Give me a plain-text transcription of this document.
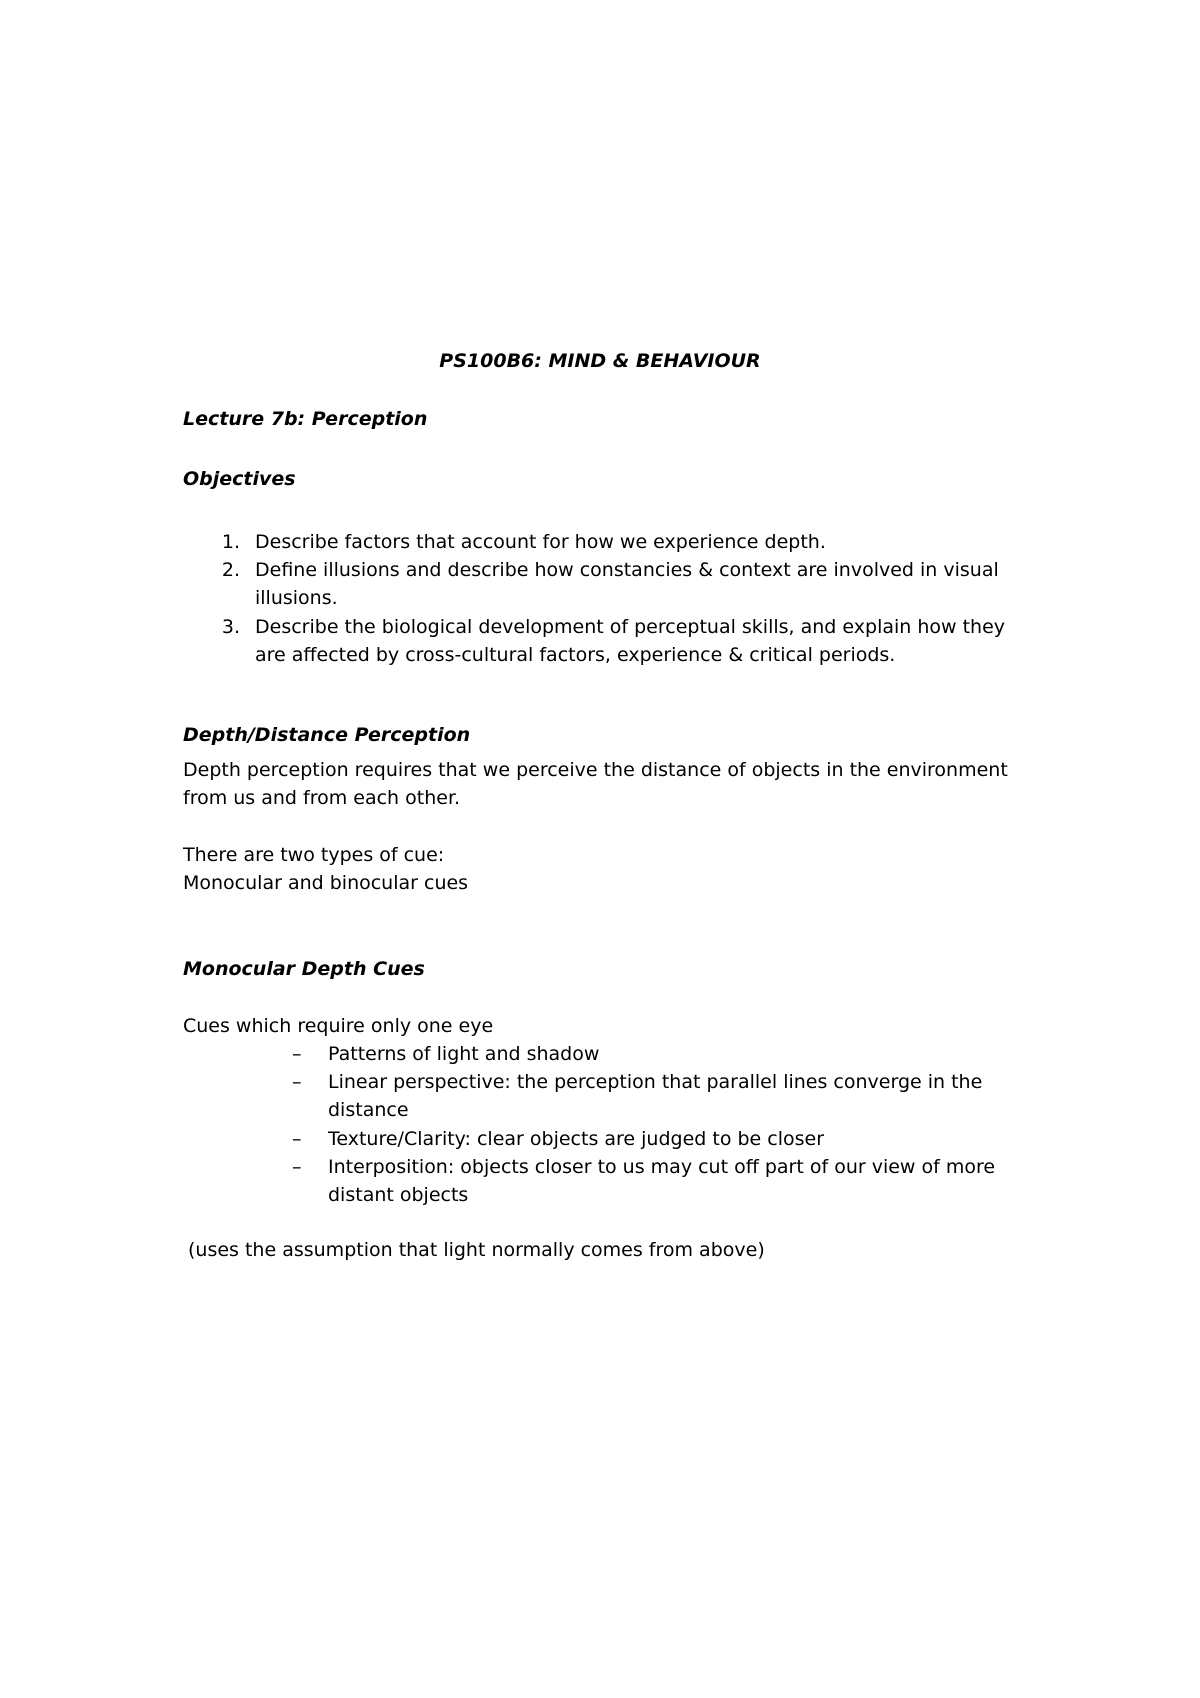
PS100B6: MIND & BEHAVIOUR

Lecture 7b: Perception

Objectives

1. Describe factors that account for how we experience depth.

2. Define illusions and describe how constancies & context are involved in visual

illusions.

3. Describe the biological development of perceptual skills, and explain how they

are affected by cross-cultural factors, experience & critical periods.

Depth/Distance Perception

Depth perception requires that we perceive the distance of objects in the environment

from us and from each other.

There are two types of cue:

Monocular and binocular cues

Monocular Depth Cues

Cues which require only one eye

– Patterns of light and shadow

– Linear perspective: the perception that parallel lines converge in the

distance

– Texture/Clarity: clear objects are judged to be closer

– Interposition: objects closer to us may cut off part of our view of more

distant objects

(uses the assumption that light normally comes from above)
